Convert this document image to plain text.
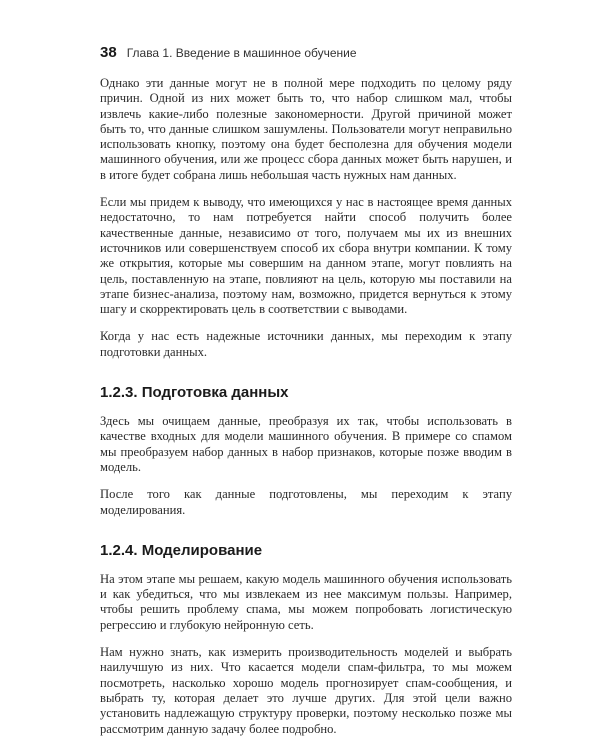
38 Глава 1. Введение в машинное обучение

Однако эти данные могут не в полной мере подходить по целому ряду причин. Одной из них может быть то, что набор слишком мал, чтобы извлечь какие-либо полезные закономерности. Другой причиной может быть то, что данные слишком зашумлены. Пользователи могут неправильно использовать кнопку, поэтому она будет бесполезна для обучения модели машинного обучения, или же процесс сбора данных может быть нарушен, и в итоге будет собрана лишь небольшая часть нужных нам данных.

Если мы придем к выводу, что имеющихся у нас в настоящее время данных недостаточно, то нам потребуется найти способ получить более качественные данные, независимо от того, получаем мы их из внешних источников или совершенствуем способ их сбора внутри компании. К тому же открытия, которые мы совершим на данном этапе, могут повлиять на цель, поставленную на этапе, повлияют на цель, которую мы поставили на этапе бизнес-анализа, поэтому нам, возможно, придется вернуться к этому шагу и скорректировать цель в соответствии с выводами.

Когда у нас есть надежные источники данных, мы переходим к этапу подготовки данных.

1.2.3. Подготовка данных

Здесь мы очищаем данные, преобразуя их так, чтобы использовать в качестве входных для модели машинного обучения. В примере со спамом мы преобразуем набор данных в набор признаков, которые позже вводим в модель.

После того как данные подготовлены, мы переходим к этапу моделирования.

1.2.4. Моделирование

На этом этапе мы решаем, какую модель машинного обучения использовать и как убедиться, что мы извлекаем из нее максимум пользы. Например, чтобы решить проблему спама, мы можем попробовать логистическую регрессию и глубокую нейронную сеть.

Нам нужно знать, как измерить производительность моделей и выбрать наилучшую из них. Что касается модели спам-фильтра, то мы можем посмотреть, насколько хорошо модель прогнозирует спам-сообщения, и выбрать ту, которая делает это лучше других. Для этой цели важно установить надлежащую структуру проверки, поэтому несколько позже мы рассмотрим данную задачу более подробно.
